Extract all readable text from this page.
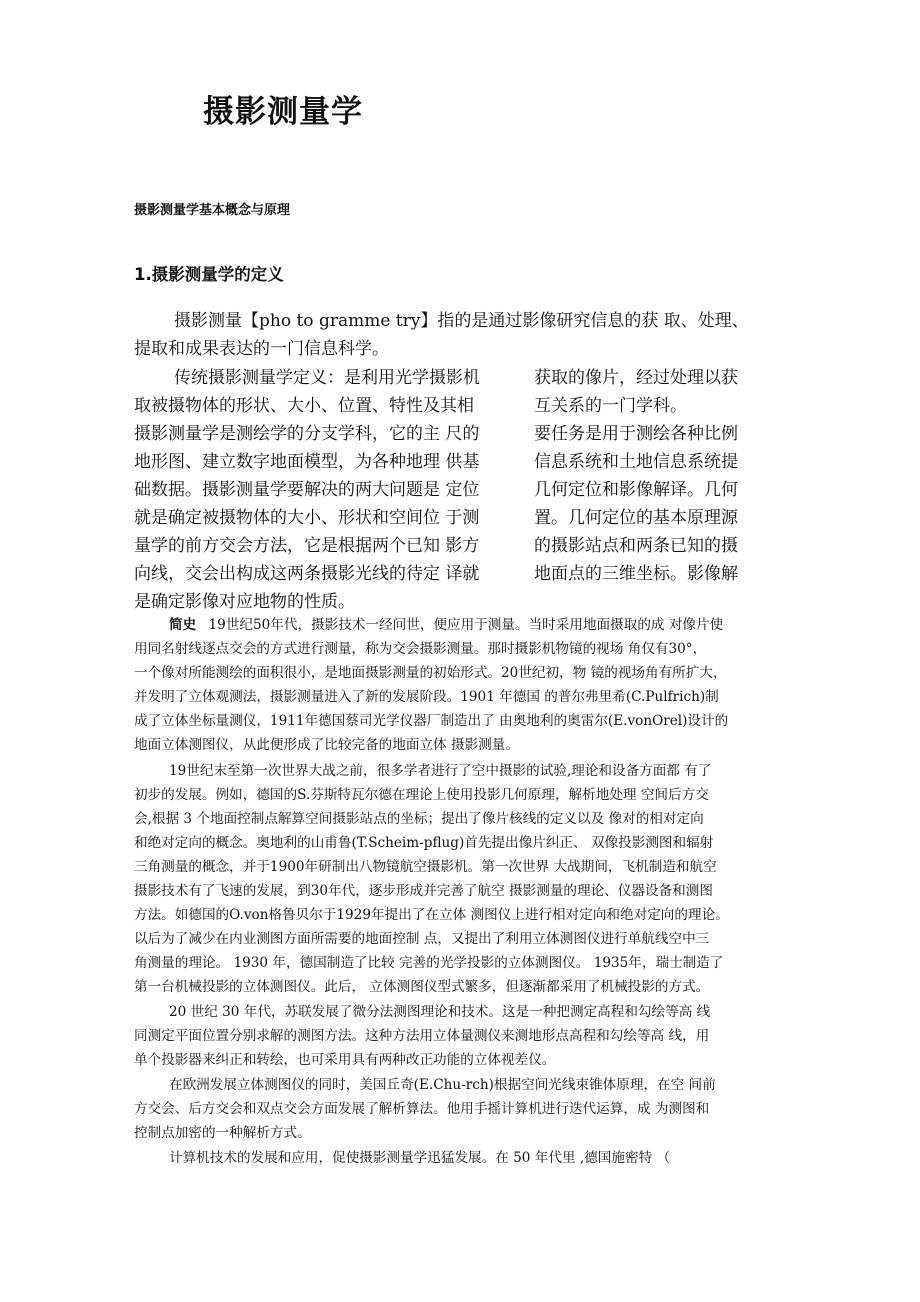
摄影测量学
摄影测量学基本概念与原理
1.摄影测量学的定义
摄影测量【pho to gramme try】指的是通过影像研究信息的获 取、处理、
提取和成果表达的一门信息科学。
传统摄影测量学定义：是利用光学摄影机
取被摄物体的形状、大小、位置、特性及其相
摄影测量学是测绘学的分支学科，它的主 尺的
地形图、建立数字地面模型，为各种地理 供基
础数据。摄影测量学要解决的两大问题是 定位
就是确定被摄物体的大小、形状和空间位 于测
量学的前方交会方法，它是根据两个已知 影方
向线，交会出构成这两条摄影光线的待定 译就
是确定影像对应地物的性质。
获取的像片，经过处理以获
互关系的一门学科。
要任务是用于测绘各种比例
信息系统和土地信息系统提
几何定位和影像解译。几何
置。几何定位的基本原理源
的摄影站点和两条已知的摄
地面点的三维坐标。影像解
简史 19世纪50年代，摄影技术一经问世，便应用于测量。当时采用地面摄取的成 对像片使
用同名射线逐点交会的方式进行测量，称为交会摄影测量。那时摄影机物镜的视场 角仅有30°，
一个像对所能测绘的面积很小，是地面摄影测量的初始形式。20世纪初，物 镜的视场角有所扩大，
并发明了立体观测法，摄影测量进入了新的发展阶段。1901 年德国 的普尔弗里希(C.Pulfrich)制
成了立体坐标量测仪，1911年德国蔡司光学仪器厂制造出了 由奥地利的奥雷尔(E.vonOrel)设计的
地面立体测图仪，从此便形成了比较完备的地面立体 摄影测量。
19世纪末至第一次世界大战之前，很多学者进行了空中摄影的试验,理论和设备方面都 有了
初步的发展。例如，德国的S.芬斯特瓦尔德在理论上使用投影几何原理，解析地处理 空间后方交
会,根据 3 个地面控制点解算空间摄影站点的坐标；提出了像片核线的定义以及 像对的相对定向
和绝对定向的概念。奥地利的山甫鲁(T.Scheim-pflug)首先提出像片纠正、 双像投影测图和辐射
三角测量的概念，并于1900年研制出八物镜航空摄影机。第一次世界 大战期间，飞机制造和航空
摄影技术有了飞速的发展，到30年代，逐步形成并完善了航空 摄影测量的理论、仪器设备和测图
方法。如德国的O.von格鲁贝尔于1929年提出了在立体 测图仪上进行相对定向和绝对定向的理论。
以后为了减少在内业测图方面所需要的地面控制 点，又提出了利用立体测图仪进行单航线空中三
角测量的理论。 1930 年，德国制造了比较 完善的光学投影的立体测图仪。 1935年，瑞士制造了
第一台机械投影的立体测图仪。此后， 立体测图仪型式繁多，但逐渐都采用了机械投影的方式。
20 世纪 30 年代，苏联发展了微分法测图理论和技术。这是一种把测定高程和勾绘等高 线
同测定平面位置分别求解的测图方法。这种方法用立体量测仪来测地形点高程和勾绘等高 线，用
单个投影器来纠正和转绘，也可采用具有两种改正功能的立体视差仪。
在欧洲发展立体测图仪的同时，美国丘奇(E.Chu-rch)根据空间光线束锥体原理，在空 间前
方交会、后方交会和双点交会方面发展了解析算法。他用手摇计算机进行迭代运算，成 为测图和
控制点加密的一种解析方式。
计算机技术的发展和应用，促使摄影测量学迅猛发展。在 50 年代里 ,德国施密特 （
